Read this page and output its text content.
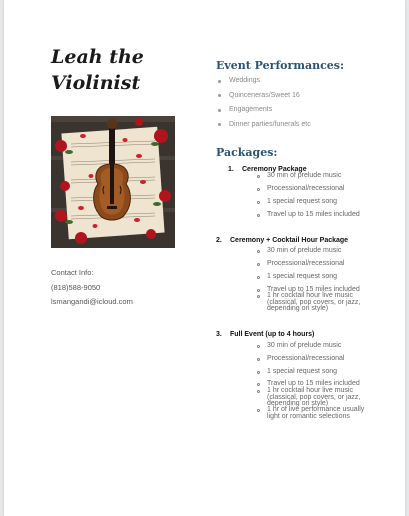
Leah the Violinist
Contact Info:
(818)588-9050
lsmangandi@icloud.com
Event Performances:
Weddings
Quinceneras/Sweet 16
Engagements
Dinner parties/funerals etc
Packages:
1. Ceremony Package
30 min of prelude music
Processional/recessional
1 special request song
Travel up to 15 miles included
2. Ceremony + Cocktail Hour Package
30 min of prelude music
Processional/recessional
1 special request song
Travel up to 15 miles included
1 hr cocktail hour live music (classical, pop covers, or jazz, depending on style)
3. Full Event (up to 4 hours)
30 min of prelude music
Processional/recessional
1 special request song
Travel up to 15 miles included
1 hr cocktail hour live music (classical, pop covers, or jazz, depending on style)
1 hr of live performance usually light or romantic selections
